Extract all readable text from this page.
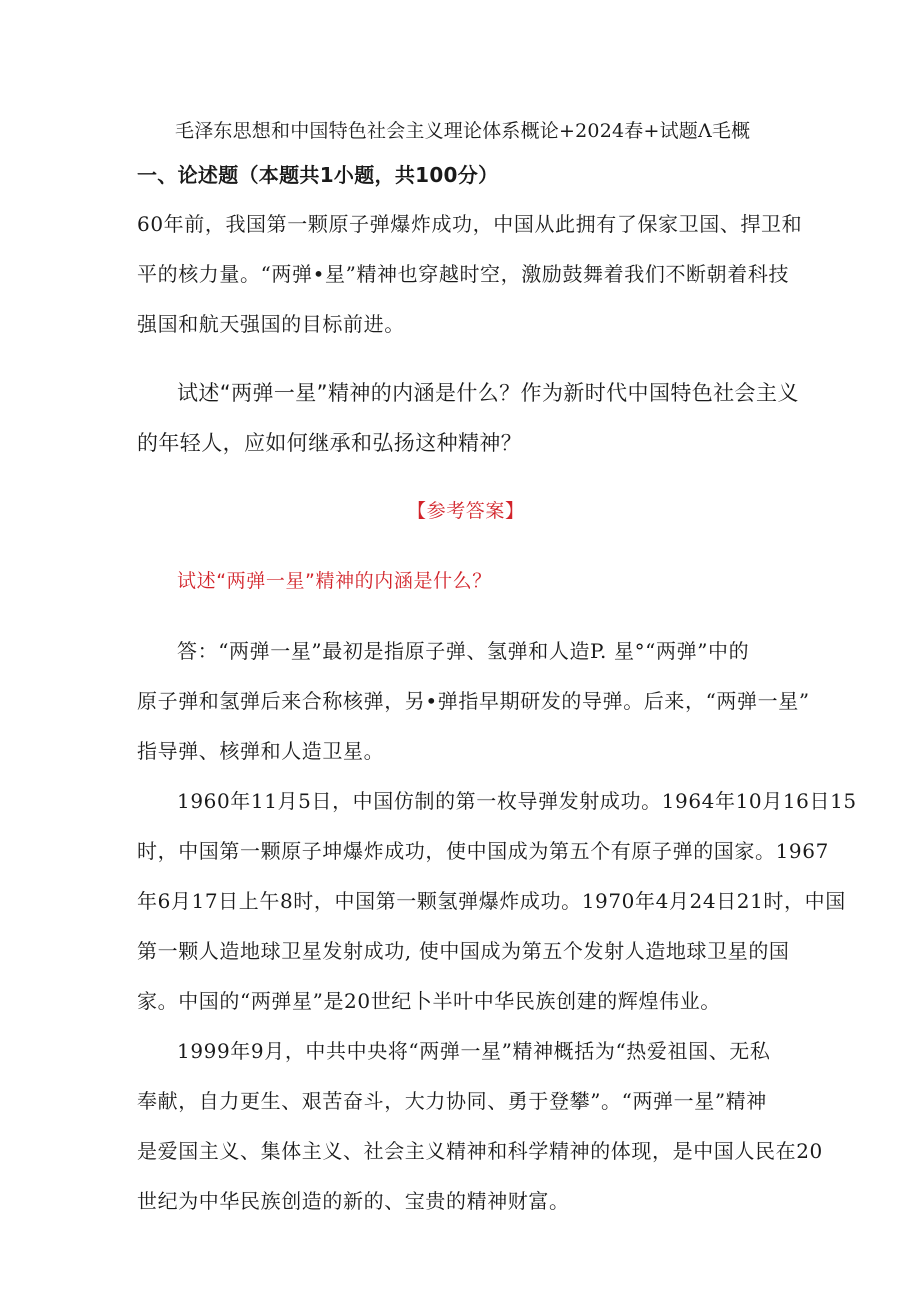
毛泽东思想和中国特色社会主义理论体系概论+2024春+试题Λ毛概
一、论述题（本题共1小题，共100分）
60年前，我国第一颗原子弹爆炸成功，中国从此拥有了保家卫国、捍卫和
平的核力量。“两弹•星”精神也穿越时空，激励鼓舞着我们不断朝着科技
强国和航天强国的目标前进。
试述“两弹一星”精神的内涵是什么？作为新时代中国特色社会主义
的年轻人，应如何继承和弘扬这种精神？
【参考答案】
试述“两弹一星”精神的内涵是什么？
答：“两弹一星”最初是指原子弹、氢弹和人造P. 星°“两弹”中的
原子弹和氢弹后来合称核弹，另•弹指早期研发的导弹。后来，“两弹一星”
指导弹、核弹和人造卫星。
1960年11月5日，中国仿制的第一枚导弹发射成功。1964年10月16日15
时，中国第一颗原子坤爆炸成功，使中国成为第五个有原子弹的国家。1967
年6月17日上午8时，中国第一颗氢弹爆炸成功。1970年4月24日21时，中国
第一颗人造地球卫星发射成功, 使中国成为第五个发射人造地球卫星的国
家。中国的“两弹星”是20世纪卜半叶中华民族创建的辉煌伟业。
1999年9月，中共中央将“两弹一星”精神概括为“热爱祖国、无私
奉献，自力更生、艰苦奋斗，大力协同、勇于登攀”。“两弹一星”精神
是爱国主义、集体主义、社会主义精神和科学精神的体现，是中国人民在20
世纪为中华民族创造的新的、宝贵的精神财富。
